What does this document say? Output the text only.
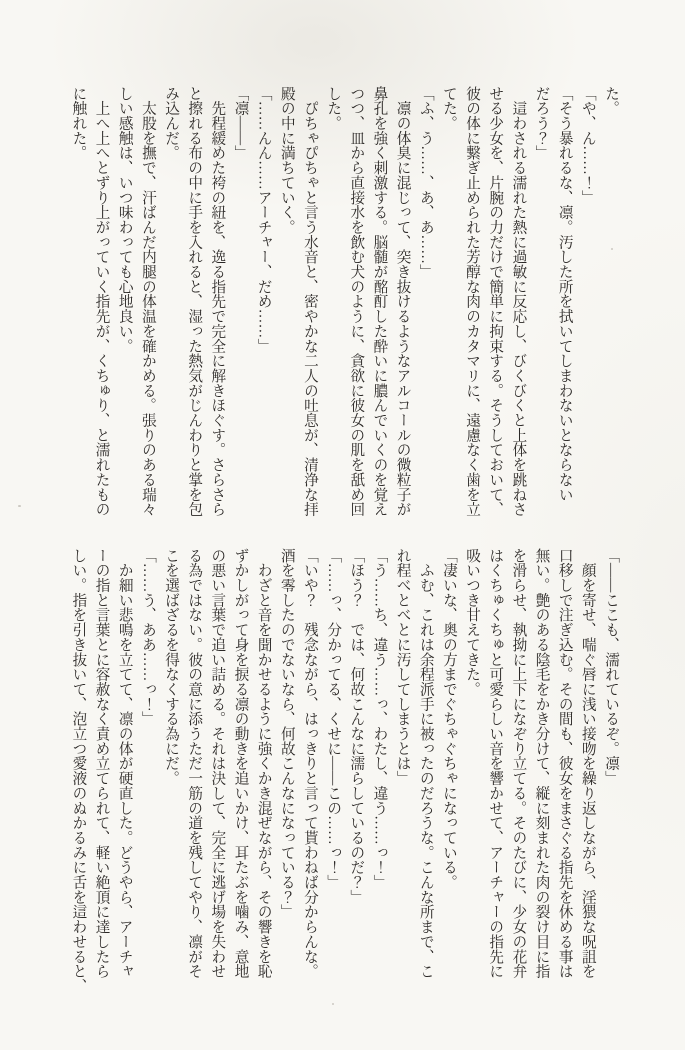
た。

「や、ん……！」

「そう暴れるな、凛。汚した所を拭いてしまわないとならない

だろう？」

　這わされる濡れた熱に過敏に反応し、びくびくと上体を跳ねさ

せる少女を、片腕の力だけで簡単に拘束する。そうしておいて、

彼の体に繋ぎ止められた芳醇な肉のカタマリに、遠慮なく歯を立

てた。

「ふ、う……、あ、あ……」

　凛の体臭に混じって、突き抜けるようなアルコールの微粒子が

鼻孔を強く刺激する。脳髄が酩酊した酔いに膿んでいくのを覚え

つつ、皿から直接水を飲む犬のように、貪欲に彼女の肌を舐め回

した。

　ぴちゃぴちゃと言う水音と、密やかな二人の吐息が、清浄な拝

殿の中に満ちていく。

「……んん……アーチャー、だめ……」

「凛――」

　先程緩めた袴の紐を、逸る指先で完全に解きほぐす。さらさら

と擦れる布の中に手を入れると、湿った熱気がじんわりと掌を包

み込んだ。

　太股を撫で、汗ばんだ内腿の体温を確かめる。張りのある瑞々

しい感触は、いつ味わっても心地良い。

　上へ上へとずり上がっていく指先が、くちゅり、と濡れたもの

に触れた。

「――ここも、濡れているぞ。凛」

　顔を寄せ、喘ぐ唇に浅い接吻を繰り返しながら、淫猥な呪詛を

口移しで注ぎ込む。その間も、彼女をまさぐる指先を休める事は

無い。艶のある陰毛をかき分けて、縦に刻まれた肉の裂け目に指

を滑らせ、執拗に上下になぞり立てる。そのたびに、少女の花弁

はくちゅくちゅと可愛らしい音を響かせて、アーチャーの指先に

吸いつき甘えてきた。

「凄いな、奥の方までぐちゃぐちゃになっている。

　ふむ、これは余程派手に被ったのだろうな。こんな所まで、こ

れ程べとべとに汚してしまうとは」

「う……ち、違う……っ、わたし、違う……っ！」

「ほう？　では、何故こんなに濡らしているのだ？」

「……っ、分かってる、くせに――この……っ！」

「いや？　残念ながら、はっきりと言って貰わねば分からんな。

酒を零したのでないなら、何故こんなになっている？」

　わざと音を聞かせるように強くかき混ぜながら、その響きを恥

ずかしがって身を捩る凛の動きを追いかけ、耳たぶを噛み、意地

の悪い言葉で追い詰める。それは決して、完全に逃げ場を失わせ

る為ではない。彼の意に添うただ一筋の道を残してやり、凛がそ

こを選ばざるを得なくする為にだ。

「……う、ああ……っ！」

　か細い悲鳴を立てて、凛の体が硬直した。どうやら、アーチャ

ーの指と言葉とに容赦なく責め立てられて、軽い絶頂に達したら

しい。指を引き抜いて、泡立つ愛液のぬかるみに舌を這わせると、
